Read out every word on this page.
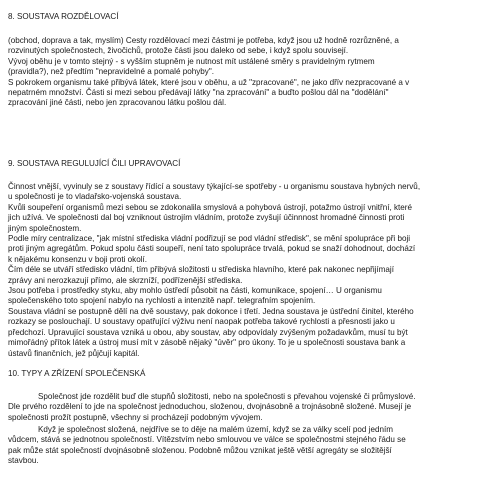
8. SOUSTAVA ROZDĚLOVACÍ

(obchod, doprava a tak, myslím) Cesty rozdělovací mezi částmi je potřeba, když jsou už hodně rozrůzněné, a

rozvinutých společnostech, živočichů, protože části jsou daleko od sebe, i když spolu souvisejí.

Vývoj oběhu je v tomto stejný - s vyšším stupněm je nutnost mít ustálené směry s pravidelným rytmem

(pravidla?), než předtím "nepravidelné a pomalé pohyby".

S pokrokem organismu také přibývá látek, které jsou v oběhu, a už "zpracované", ne jako dřív nezpracované a v

nepatrném množství. Části si mezi sebou předávají látky "na zpracování" a buďto pošlou dál na "dodělání"

zpracování jiné části, nebo jen zpracovanou látku pošlou dál.

9. SOUSTAVA REGULUJÍCÍ ČILI UPRAVOVACÍ

Činnost vnější, vyvinuly se z soustavy řídící a soustavy týkající-se spotřeby - u organismu soustava hybných nervů,

u společnosti je to vladařsko-vojenská soustava.

Kvůli soupeření organismů mezi sebou se zdokonalila smyslová a pohybová ústrojí, potažmo ústrojí vnitřní, které

jich užívá. Ve společnosti dal boj vzniknout ústrojím vládním, protože zvyšují účinnnost hromadné činnosti proti

jiným společnostem.

Podle míry centralizace, "jak místní střediska vládní podřizují se pod vládní středisk", se mění spolupráce při boji

proti jiným agregátům. Pokud spolu části soupeří, není tato spolupráce trvalá, pokud se snaží dohodnout, dochází

k nějakému konsenzu v boji proti okolí.

Čím déle se utváří středisko vládní, tím přibývá složitosti u střediska hlavního, které pak nakonec nepřijímají

zprávy ani nerozkazují přímo, ale skrzníží, podřízenější střediska.

Jsou potřeba i prostředky styku, aby mohlo ústředí působit na části, komunikace, spojení… U organismu

společenského toto spojení nabylo na rychlosti a intenzitě např. telegrafním spojením.

Soustava vládní se postupně dělí na dvě soustavy, pak dokonce i třetí. Jedna soustava je ústřední činitel, kterého

rozkazy se poslouchají. U soustavy opatřující výživu není naopak potřeba takové rychlosti a přesnosti jako u

předchozí. Upravující soustava vzniká u obou, aby soustav, aby odpovídaly zvýšeným požadavkům, musí tu být

mimořádný přítok látek a ústroj musí mít v zásobě nějaký "úvěr" pro úkony. To je u společnosti soustava bank a

ústavů finančních, jež půjčují kapitál.

10. TYPY A ZŘÍZENÍ SPOLEČENSKÁ

Společnost jde rozdělit buď dle stupňů složitosti, nebo na společnosti s převahou vojenské či průmyslové.

Dle prvého rozdělení to jde na společnost jednoduchou, složenou, dvojnásobně a trojnásobně složené. Musejí je

společnosti prožít postupně, všechny si procházejí podobným vývojem.

Když je společnost složená, nejdříve se to děje na malém území, když se za války scelí pod jedním

vůdcem, stává se jednotnou společností. Vítězstvím nebo smlouvou ve válce se společnostmi stejného řádu se

pak může stát společností dvojnásobně složenou. Podobně můžou vznikat ještě větší agregáty se složitější

stavbou.
